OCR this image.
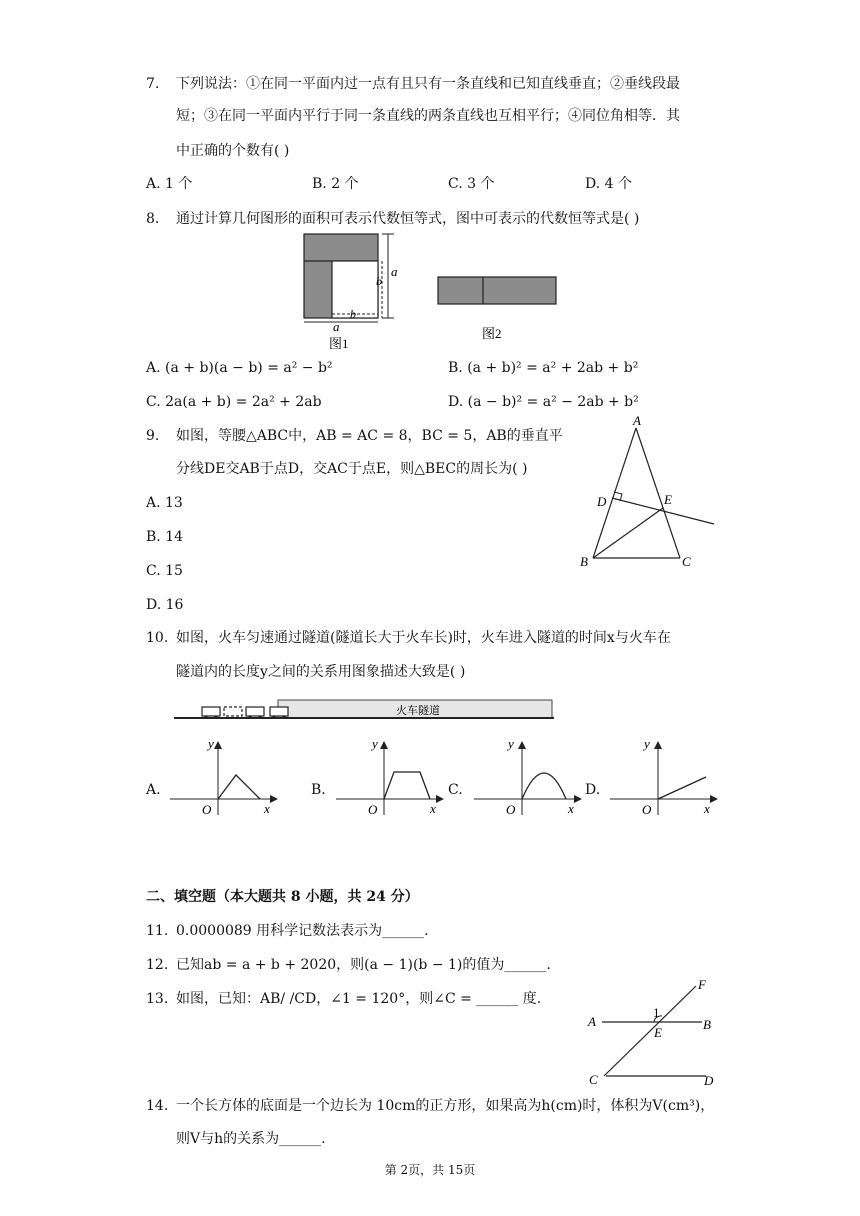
7. 下列说法：①在同一平面内过一点有且只有一条直线和已知直线垂直；②垂线段最
短；③在同一平面内平行于同一条直线的两条直线也互相平行；④同位角相等．其
中正确的个数有( )
A. 1 个	B. 2 个	C. 3 个	D. 4 个
8. 通过计算几何图形的面积可表示代数恒等式，图中可表示的代数恒等式是( )
a
b
b
a
图1
图2
A. (a + b)(a − b) = a² − b²	B. (a + b)² = a² + 2ab + b²
C. 2a(a + b) = 2a² + 2ab	D. (a − b)² = a² − 2ab + b²
9. 如图，等腰△ABC中，AB = AC = 8，BC = 5，AB的垂直平
分线DE交AB于点D，交AC于点E，则△BEC的周长为( )
A. 13
B. 14
C. 15
D. 16
A
B	C
D	E
10. 如图，火车匀速通过隧道(隧道长大于火车长)时，火车进入隧道的时间x与火车在
隧道内的长度y之间的关系用图象描述大致是( )
火车隧道
A.	B.	C.	D.
y
x
O
y
x
O
y
x
O
y
x
O
二、填空题（本大题共 8 小题，共 24 分）
11. 0.0000089 用科学记数法表示为______.
12. 已知ab = a + b + 2020，则(a − 1)(b − 1)的值为______.
13. 如图，已知：AB/ /CD，∠1 = 120°，则∠C = ______ 度.
F
1
A	B
E
C	D
14. 一个长方体的底面是一个边长为 10cm的正方形，如果高为h(cm)时，体积为V(cm³)，
则V与h的关系为______.
第 2页，共 15页
